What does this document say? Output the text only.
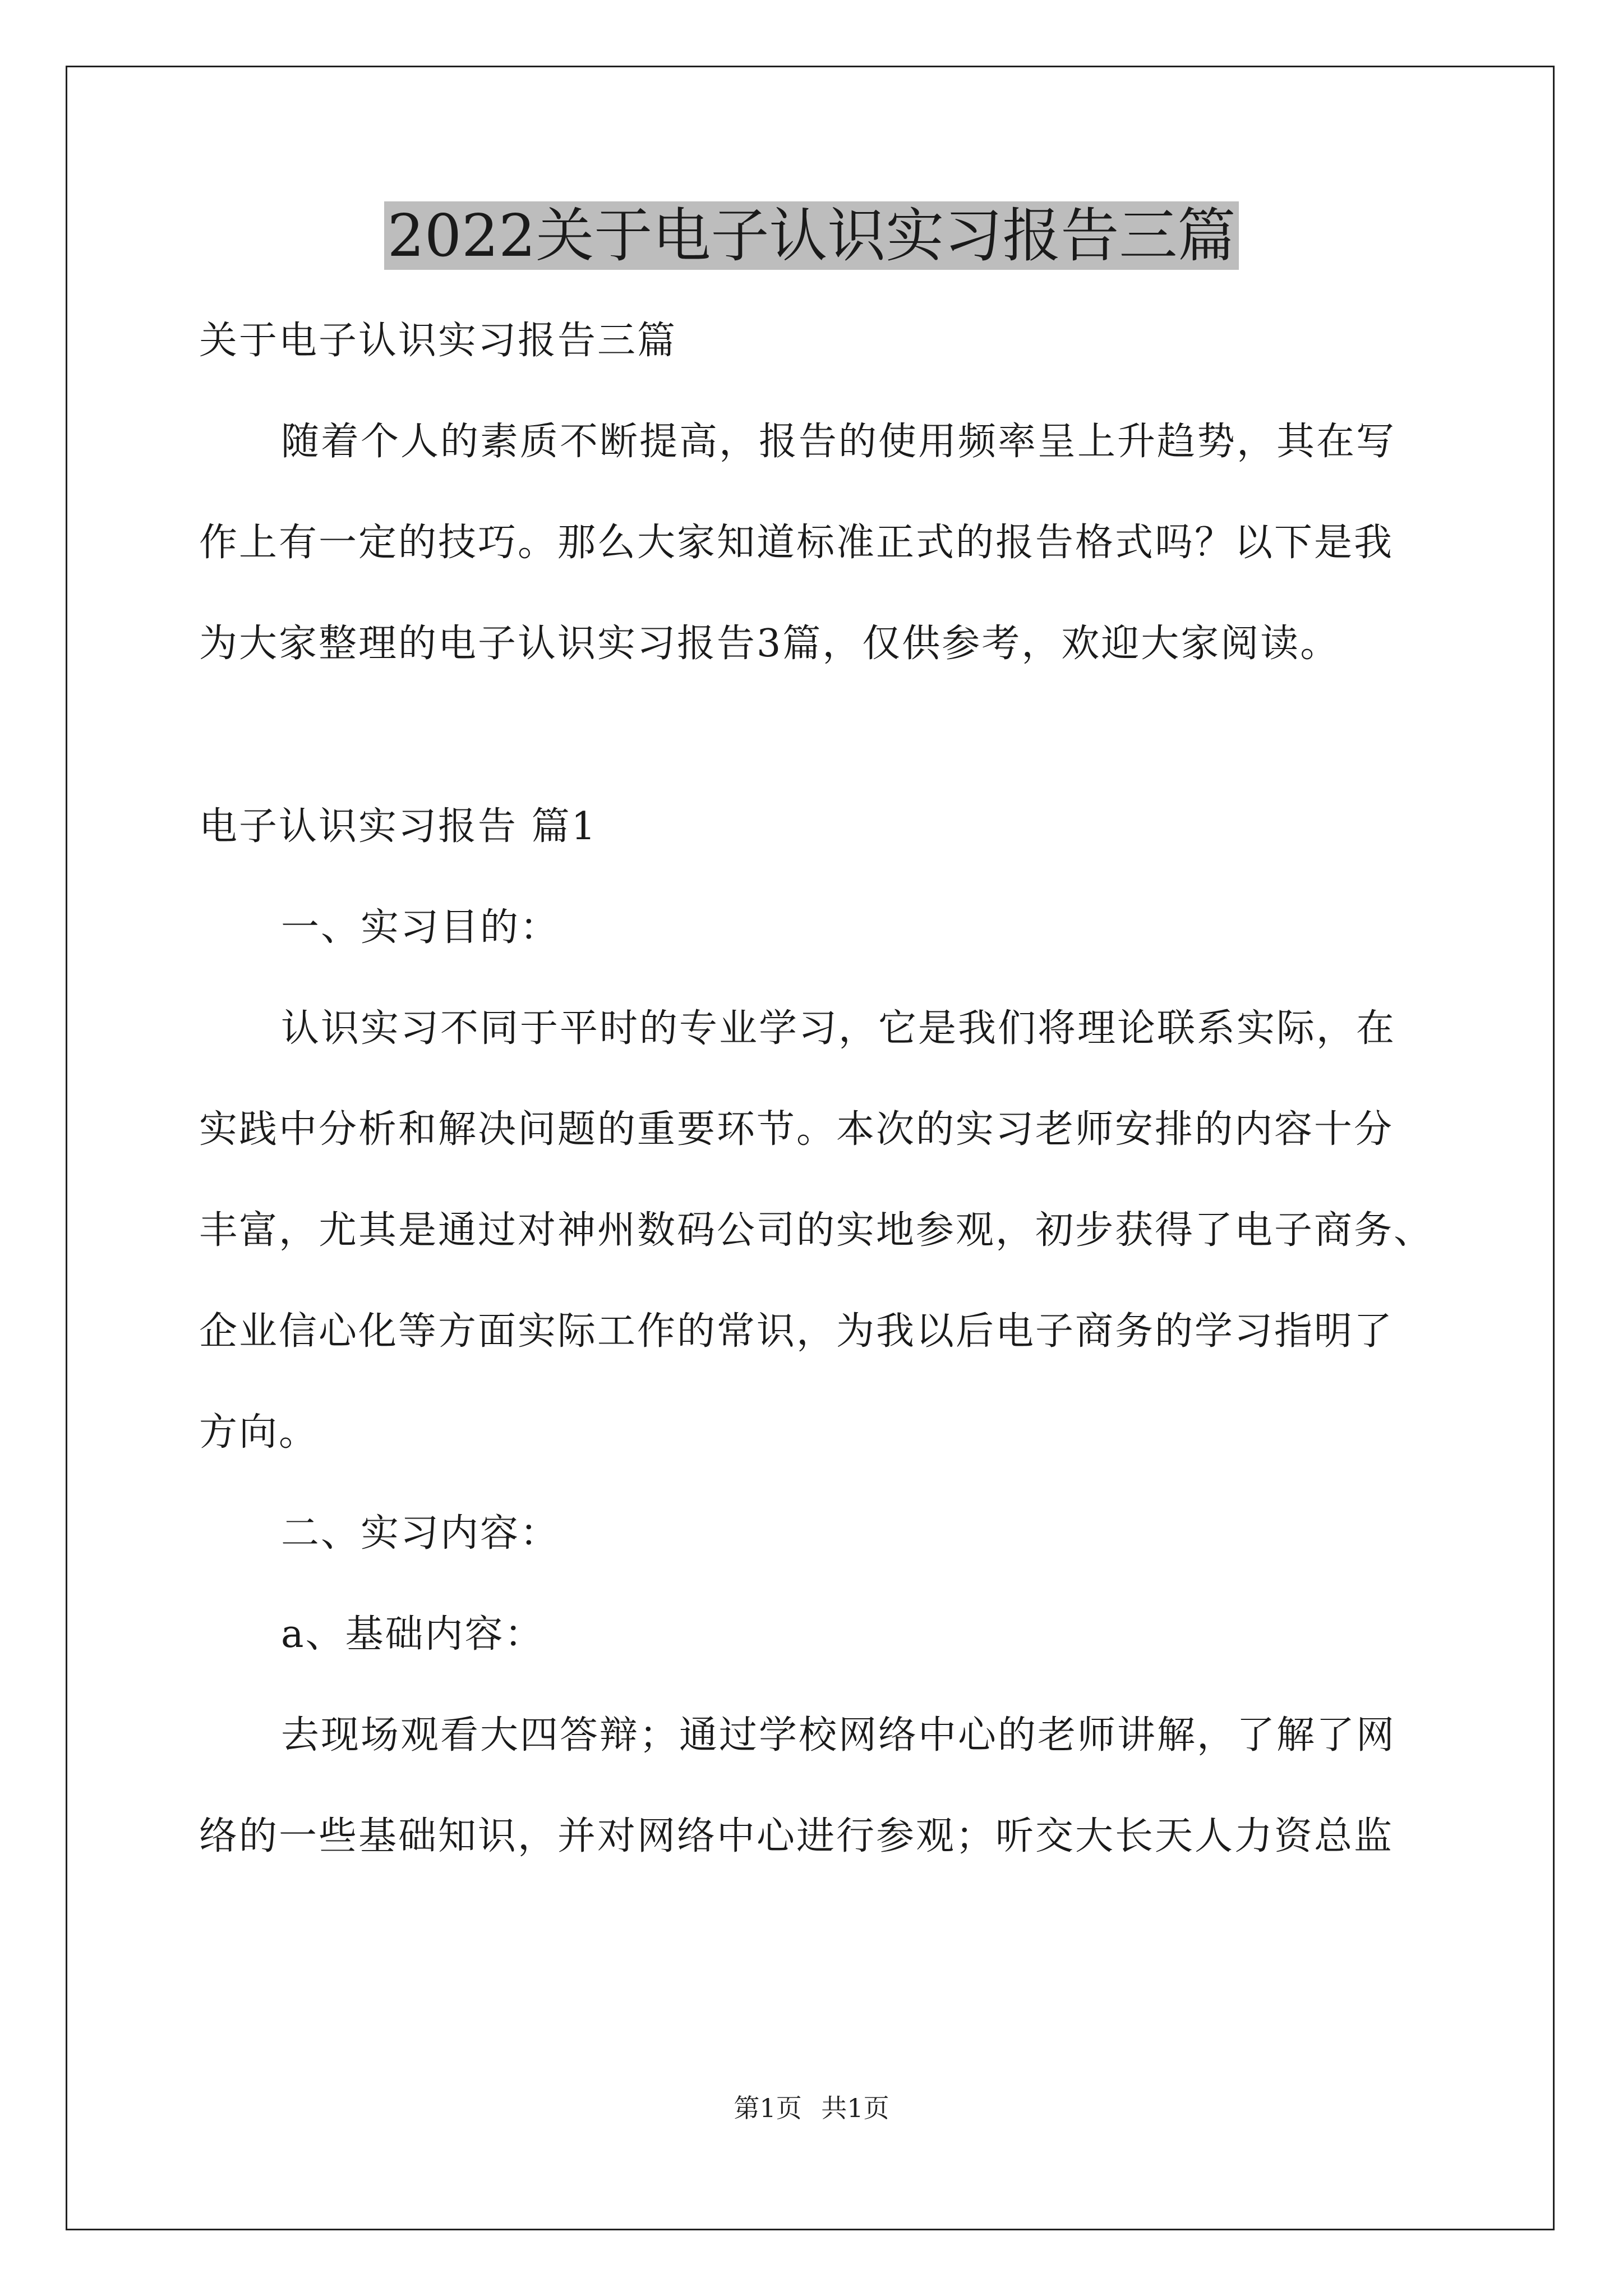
2022关于电子认识实习报告三篇
关于电子认识实习报告三篇
随着个人的素质不断提高，报告的使用频率呈上升趋势，其在写
作上有一定的技巧。那么大家知道标准正式的报告格式吗？以下是我
为大家整理的电子认识实习报告3篇，仅供参考，欢迎大家阅读。
电子认识实习报告 篇1
一、实习目的：
认识实习不同于平时的专业学习，它是我们将理论联系实际，在
实践中分析和解决问题的重要环节。本次的实习老师安排的内容十分
丰富，尤其是通过对神州数码公司的实地参观，初步获得了电子商务、
企业信心化等方面实际工作的常识，为我以后电子商务的学习指明了
方向。
二、实习内容：
a、基础内容：
去现场观看大四答辩；通过学校网络中心的老师讲解，了解了网
络的一些基础知识，并对网络中心进行参观；听交大长天人力资总监
第1页 共1页
